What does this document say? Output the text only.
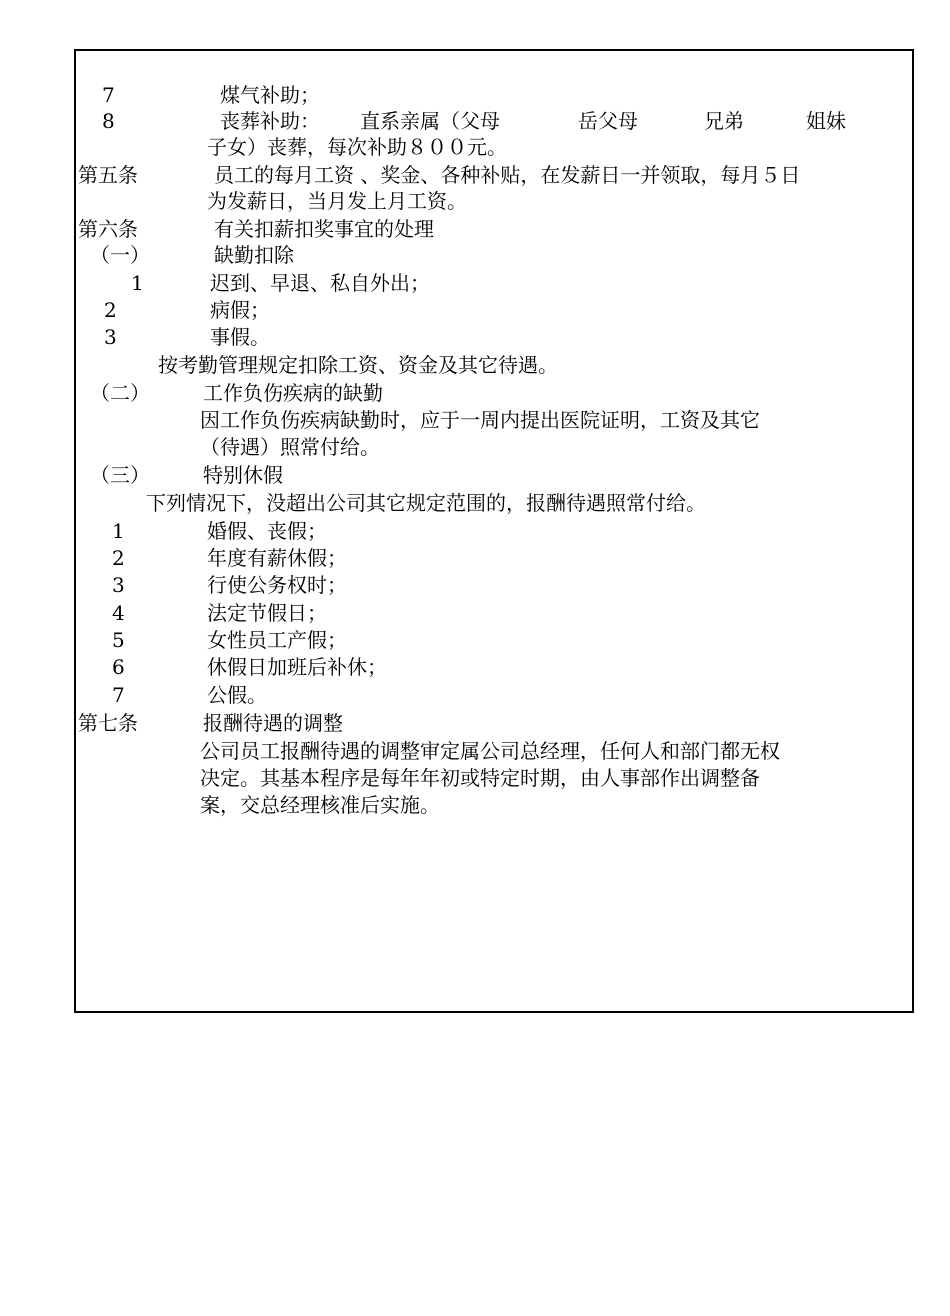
7	煤气补助；
8	丧葬补助： 直系亲属（父母	岳父母	兄弟	姐妹
子女）丧葬，每次补助８００元。
第五条	员工的每月工资 、奖金、各种补贴，在发薪日一并领取，每月５日
为发薪日，当月发上月工资。
第六条	有关扣薪扣奖事宜的处理
（一）	缺勤扣除
1	迟到、早退、私自外出；
2	病假；
3	事假。
按考勤管理规定扣除工资、资金及其它待遇。
（二）	工作负伤疾病的缺勤
因工作负伤疾病缺勤时，应于一周内提出医院证明，工资及其它
（待遇）照常付给。
（三）	特别休假
下列情况下，没超出公司其它规定范围的，报酬待遇照常付给。
1	婚假、丧假；
2	年度有薪休假；
3	行使公务权时；
4	法定节假日；
5	女性员工产假；
6	休假日加班后补休；
7	公假。
第七条	报酬待遇的调整
公司员工报酬待遇的调整审定属公司总经理，任何人和部门都无权
决定。其基本程序是每年年初或特定时期，由人事部作出调整备
案，交总经理核准后实施。
